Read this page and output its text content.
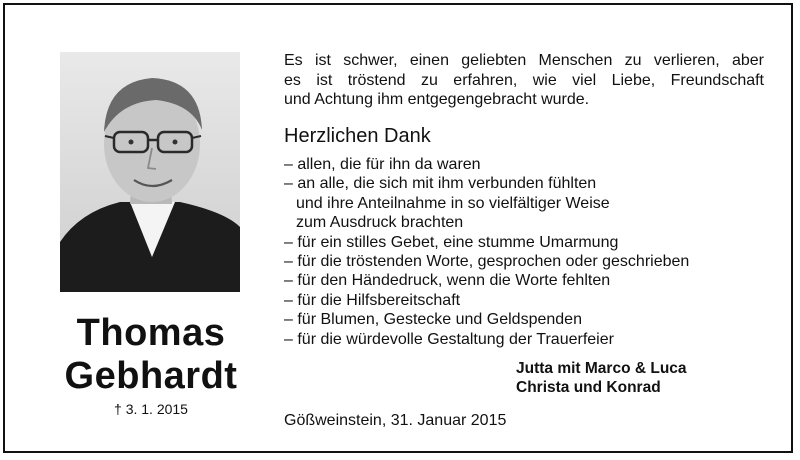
Thomas
Gebhardt
† 3. 1. 2015
Es ist schwer, einen geliebten Menschen zu verlieren, aber
es ist tröstend zu erfahren, wie viel Liebe, Freundschaft
und Achtung ihm entgegengebracht wurde.
Herzlichen Dank
– allen, die für ihn da waren
– an alle, die sich mit ihm verbunden fühlten
und ihre Anteilnahme in so vielfältiger Weise
zum Ausdruck brachten
– für ein stilles Gebet, eine stumme Umarmung
– für die tröstenden Worte, gesprochen oder geschrieben
– für den Händedruck, wenn die Worte fehlten
– für die Hilfsbereitschaft
– für Blumen, Gestecke und Geldspenden
– für die würdevolle Gestaltung der Trauerfeier
Jutta mit Marco & Luca
Christa und Konrad
Gößweinstein, 31. Januar 2015
